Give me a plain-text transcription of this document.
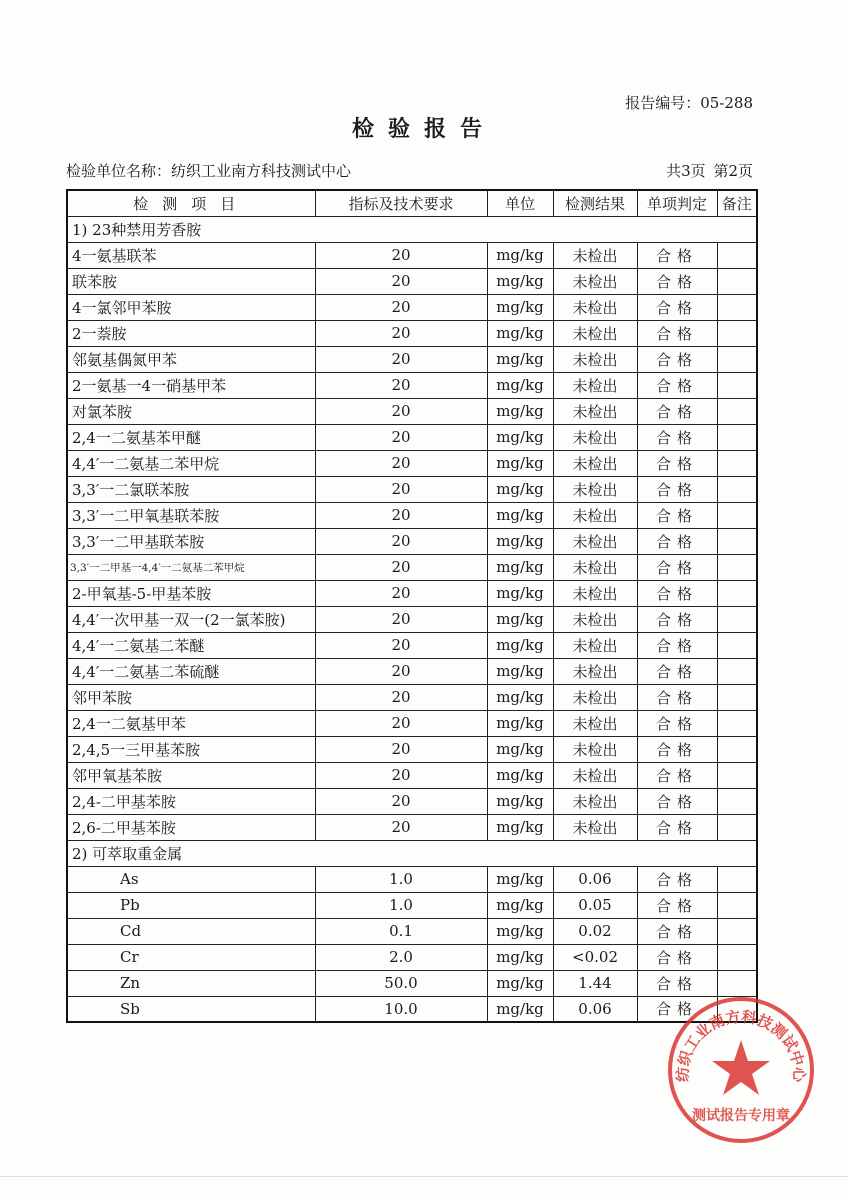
报告编号：05-288
检验报告
检验单位名称：纺织工业南方科技测试中心	共3页 第2页
检测项目	指标及技术要求	单位	检测结果	单项判定	备注
1) 23种禁用芳香胺					
4一氨基联苯	20	mg/kg	未检出	合格	
联苯胺	20	mg/kg	未检出	合格	
4一氯邻甲苯胺	20	mg/kg	未检出	合格	
2一萘胺	20	mg/kg	未检出	合格	
邻氨基偶氮甲苯	20	mg/kg	未检出	合格	
2一氨基一4一硝基甲苯	20	mg/kg	未检出	合格	
对氯苯胺	20	mg/kg	未检出	合格	
2,4一二氨基苯甲醚	20	mg/kg	未检出	合格	
4,4′一二氨基二苯甲烷	20	mg/kg	未检出	合格	
3,3′一二氯联苯胺	20	mg/kg	未检出	合格	
3,3′一二甲氧基联苯胺	20	mg/kg	未检出	合格	
3,3′一二甲基联苯胺	20	mg/kg	未检出	合格	
3,3′一二甲基一4,4′一二氨基二苯甲烷	20	mg/kg	未检出	合格	
2-甲氧基-5-甲基苯胺	20	mg/kg	未检出	合格	
4,4′一次甲基一双一(2一氯苯胺)	20	mg/kg	未检出	合格	
4,4′一二氨基二苯醚	20	mg/kg	未检出	合格	
4,4′一二氨基二苯硫醚	20	mg/kg	未检出	合格	
邻甲苯胺	20	mg/kg	未检出	合格	
2,4一二氨基甲苯	20	mg/kg	未检出	合格	
2,4,5一三甲基苯胺	20	mg/kg	未检出	合格	
邻甲氧基苯胺	20	mg/kg	未检出	合格	
2,4-二甲基苯胺	20	mg/kg	未检出	合格	
2,6-二甲基苯胺	20	mg/kg	未检出	合格	
2) 可萃取重金属					
As	1.0	mg/kg	0.06	合格	
Pb	1.0	mg/kg	0.05	合格	
Cd	0.1	mg/kg	0.02	合格	
Cr	2.0	mg/kg	<0.02	合格	
Zn	50.0	mg/kg	1.44	合格	
Sb	10.0	mg/kg	0.06	合格	
纺织工业南方科技测试中心
测试报告专用章
